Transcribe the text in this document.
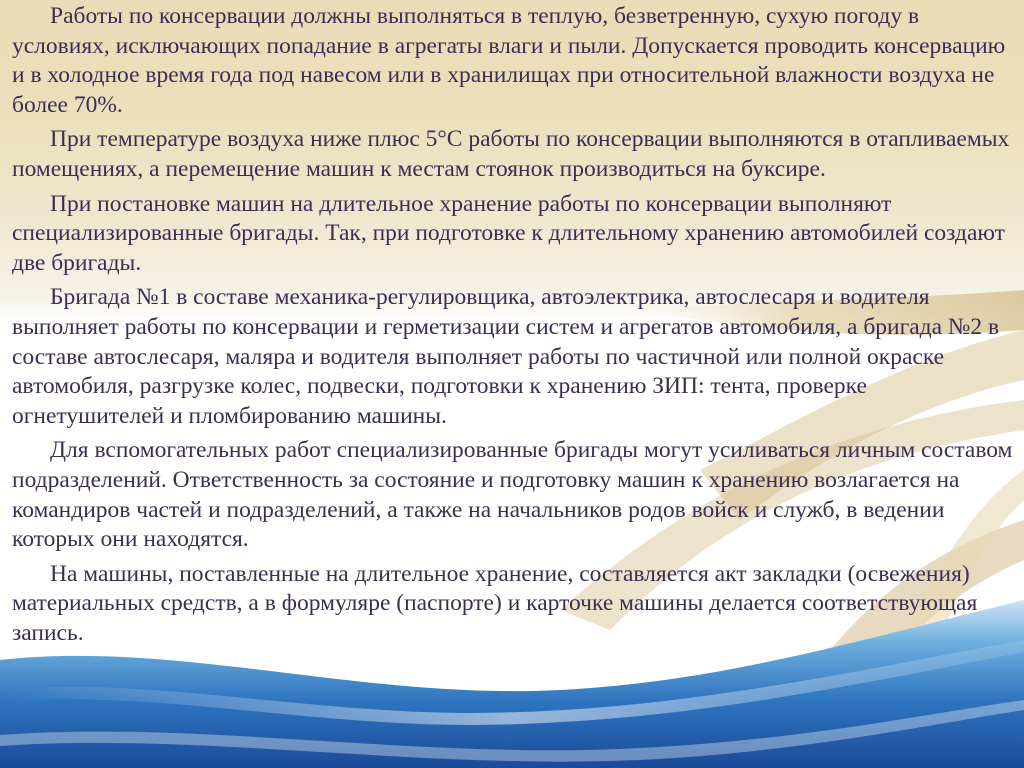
Работы по консервации должны выполняться в теплую, безветренную, сухую погоду в условиях, исключающих попадание в агрегаты влаги и пыли. Допускается проводить консервацию и в холодное время года под навесом или в хранилищах при относительной влажности воздуха не более 70%.

При температуре воздуха ниже плюс 5°С работы по консервации выполняются в отапливаемых помещениях, а перемещение машин к местам стоянок производиться на буксире.

При постановке машин на длительное хранение работы по консервации выполняют специализированные бригады. Так, при подготовке к длительному хранению автомобилей создают две бригады.

Бригада №1 в составе механика-регулировщика, автоэлектрика, автослесаря и водителя выполняет работы по консервации и герметизации систем и агрегатов автомобиля, а бригада №2 в составе автослесаря, маляра и водителя выполняет работы по частичной или полной окраске автомобиля, разгрузке колес, подвески, подготовки к хранению ЗИП: тента, проверке огнетушителей и пломбированию машины.

Для вспомогательных работ специализированные бригады могут усиливаться личным составом подразделений. Ответственность за состояние и подготовку машин к хранению возлагается на командиров частей и подразделений, а также на начальников родов войск и служб, в ведении которых они находятся.

На машины, поставленные на длительное хранение, составляется акт закладки (освежения) материальных средств, а в формуляре (паспорте) и карточке машины делается соответствующая запись.
